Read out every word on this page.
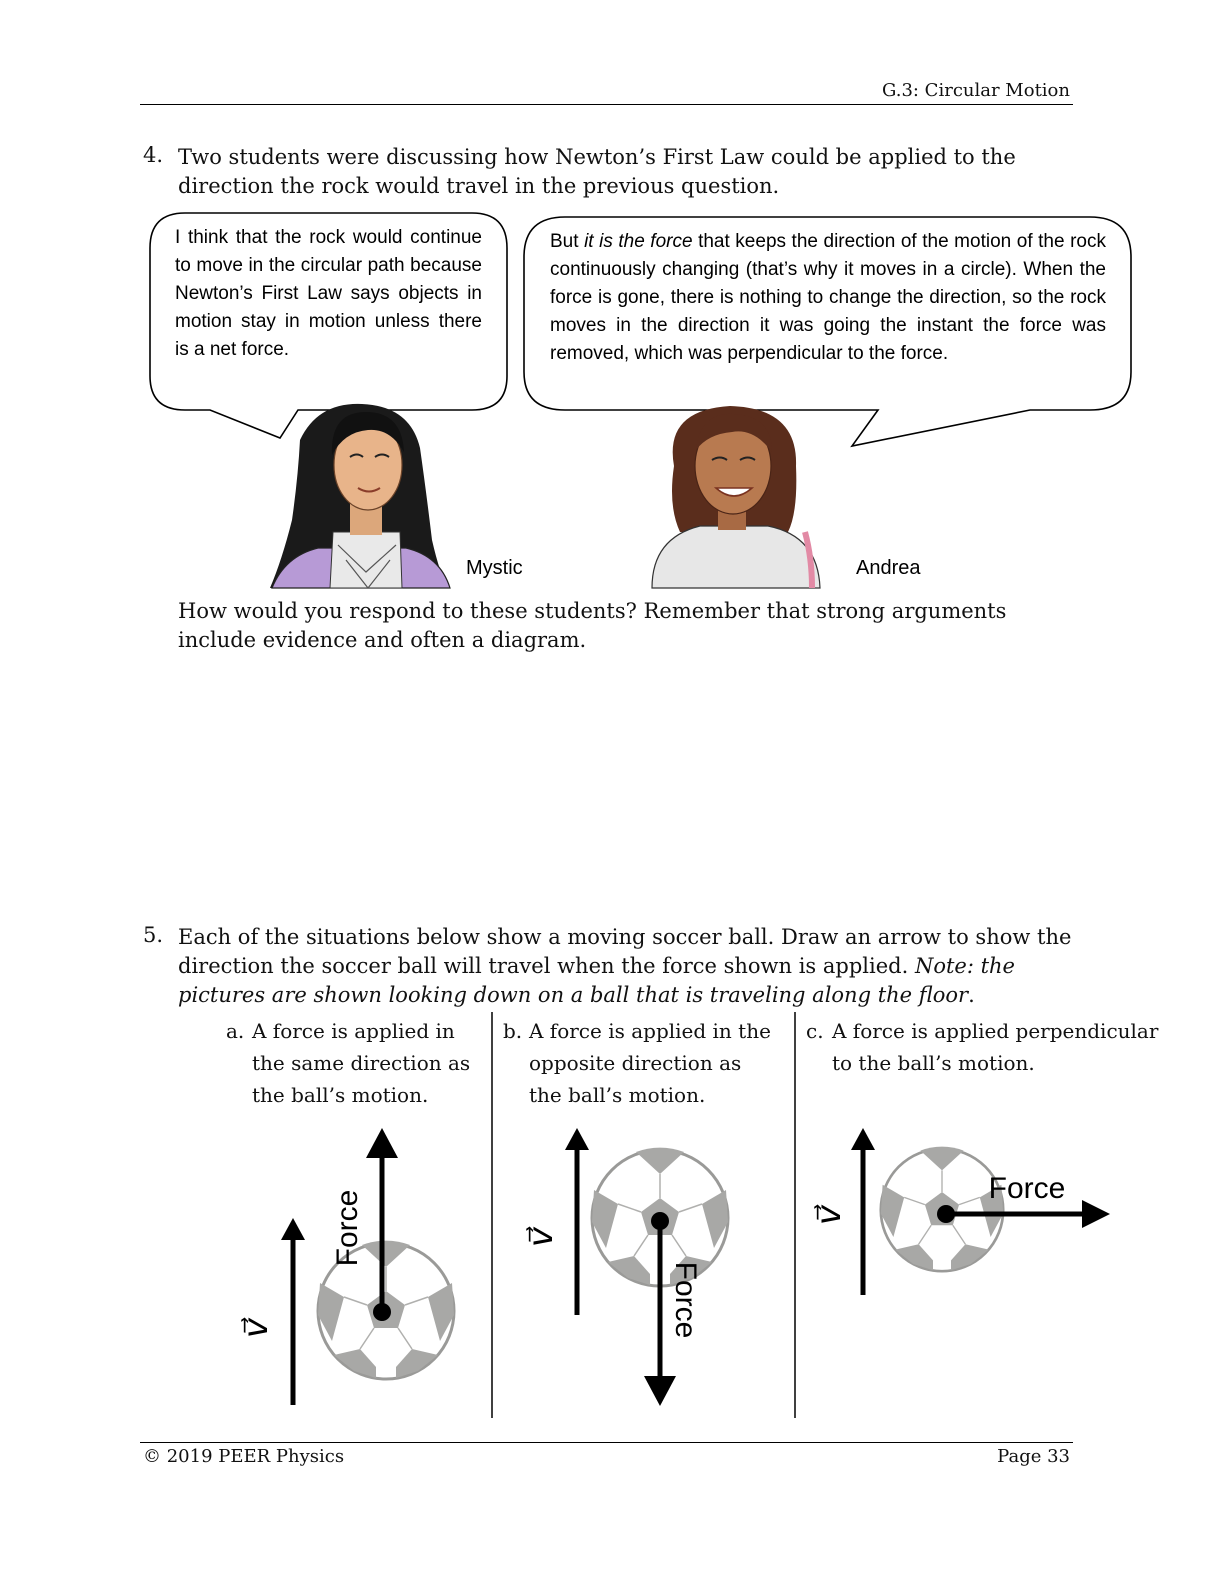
G.3: Circular Motion
4. Two students were discussing how Newton’s First Law could be applied to the direction the rock would travel in the previous question.
I think that the rock would continue to move in the circular path because Newton’s First Law says objects in motion stay in motion unless there is a net force.
But it is the force that keeps the direction of the motion of the rock continuously changing (that’s why it moves in a circle). When the force is gone, there is nothing to change the direction, so the rock moves in the direction it was going the instant the force was removed, which was perpendicular to the force.
Mystic	Andrea
How would you respond to these students? Remember that strong arguments include evidence and often a diagram.
5. Each of the situations below show a moving soccer ball. Draw an arrow to show the direction the soccer ball will travel when the force shown is applied. Note: the pictures are shown looking down on a ball that is traveling along the floor.
a. A force is applied in the same direction as the ball’s motion.
b. A force is applied in the opposite direction as the ball’s motion.
c. A force is applied perpendicular to the ball’s motion.
v⃗
Force	v⃗
Force
v⃗
Force
© 2019 PEER Physics	Page 33
